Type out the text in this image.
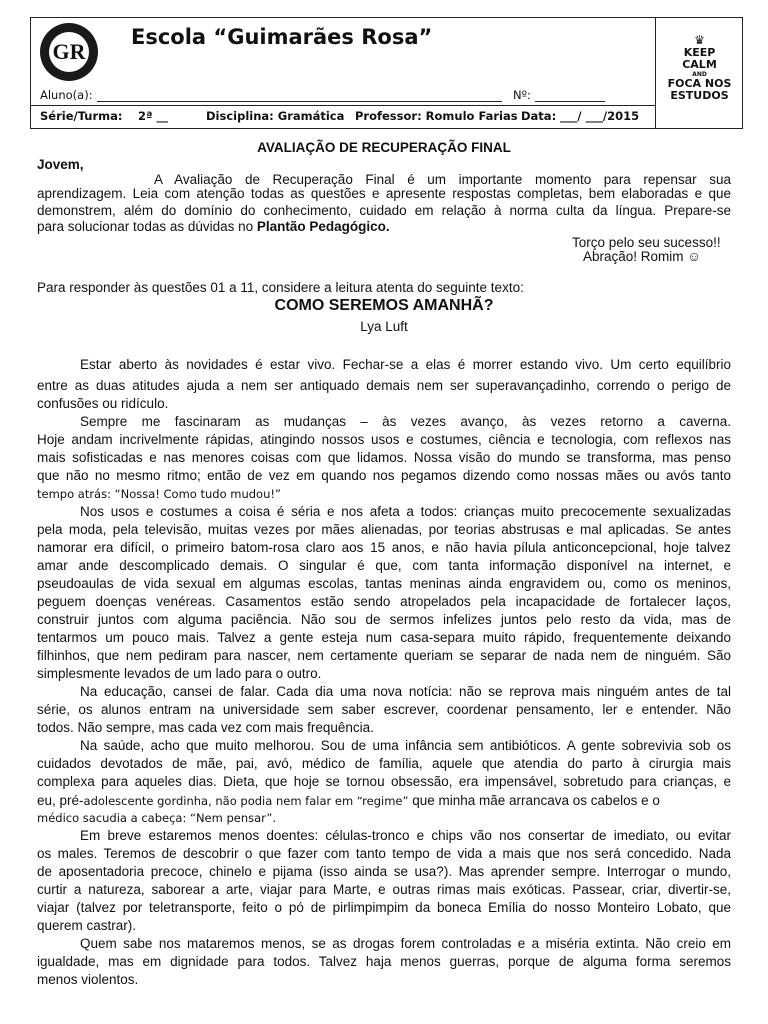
GR
Escola “Guimarães Rosa”
Aluno(a):	Nº:
Série/Turma: 2ª __	Disciplina: Gramática Professor: Romulo Farias Data: ___/ ___/2015
♛
KEEP
CALM
AND
FOCA NOS
ESTUDOS
AVALIAÇÃO DE RECUPERAÇÃO FINAL
Jovem,
A Avaliação de Recuperação Final é um importante momento para repensar sua
aprendizagem. Leia com atenção todas as questões e apresente respostas completas, bem elaboradas e que
demonstrem, além do domínio do conhecimento, cuidado em relação à norma culta da língua. Prepare-se
para solucionar todas as dúvidas no Plantão Pedagógico.
Torço pelo seu sucesso!!
Abração! Romim ☺
Para responder às questões 01 a 11, considere a leitura atenta do seguinte texto:
COMO SEREMOS AMANHÃ?
Lya Luft
Estar aberto às novidades é estar vivo. Fechar-se a elas é morrer estando vivo. Um certo equilíbrio
entre as duas atitudes ajuda a nem ser antiquado demais nem ser superavançadinho, correndo o perigo de
confusões ou ridículo.
Sempre me fascinaram as mudanças – às vezes avanço, às vezes retorno a caverna.
Hoje andam incrivelmente rápidas, atingindo nossos usos e costumes, ciência e tecnologia, com reflexos nas
mais sofisticadas e nas menores coisas com que lidamos. Nossa visão do mundo se transforma, mas penso
que não no mesmo ritmo; então de vez em quando nos pegamos dizendo como nossas mães ou avós tanto
tempo atrás: “Nossa! Como tudo mudou!”
Nos usos e costumes a coisa é séria e nos afeta a todos: crianças muito precocemente sexualizadas
pela moda, pela televisão, muitas vezes por mães alienadas, por teorias abstrusas e mal aplicadas. Se antes
namorar era difícil, o primeiro batom-rosa claro aos 15 anos, e não havia pílula anticoncepcional, hoje talvez
amar ande descomplicado demais. O singular é que, com tanta informação disponível na internet, e
pseudoaulas de vida sexual em algumas escolas, tantas meninas ainda engravidem ou, como os meninos,
peguem doenças venéreas. Casamentos estão sendo atropelados pela incapacidade de fortalecer laços,
construir juntos com alguma paciência. Não sou de sermos infelizes juntos pelo resto da vida, mas de
tentarmos um pouco mais. Talvez a gente esteja num casa-separa muito rápido, frequentemente deixando
filhinhos, que nem pediram para nascer, nem certamente queriam se separar de nada nem de ninguém. São
simplesmente levados de um lado para o outro.
Na educação, cansei de falar. Cada dia uma nova notícia: não se reprova mais ninguém antes de tal
série, os alunos entram na universidade sem saber escrever, coordenar pensamento, ler e entender. Não
todos. Não sempre, mas cada vez com mais frequência.
Na saúde, acho que muito melhorou. Sou de uma infância sem antibióticos. A gente sobrevivia sob os
cuidados devotados de mãe, pai, avó, médico de família, aquele que atendia do parto à cirurgia mais
complexa para aqueles dias. Dieta, que hoje se tornou obsessão, era impensável, sobretudo para crianças, e
eu, pré-adolescente gordinha, não podia nem falar em “regime” que minha mãe arrancava os cabelos e o
médico sacudia a cabeça: “Nem pensar”.
Em breve estaremos menos doentes: células-tronco e chips vão nos consertar de imediato, ou evitar
os males. Teremos de descobrir o que fazer com tanto tempo de vida a mais que nos será concedido. Nada
de aposentadoria precoce, chinelo e pijama (isso ainda se usa?). Mas aprender sempre. Interrogar o mundo,
curtir a natureza, saborear a arte, viajar para Marte, e outras rimas mais exóticas. Passear, criar, divertir-se,
viajar (talvez por teletransporte, feito o pó de pirlimpimpim da boneca Emília do nosso Monteiro Lobato, que
querem castrar).
Quem sabe nos mataremos menos, se as drogas forem controladas e a miséria extinta. Não creio em
igualdade, mas em dignidade para todos. Talvez haja menos guerras, porque de alguma forma seremos
menos violentos.
